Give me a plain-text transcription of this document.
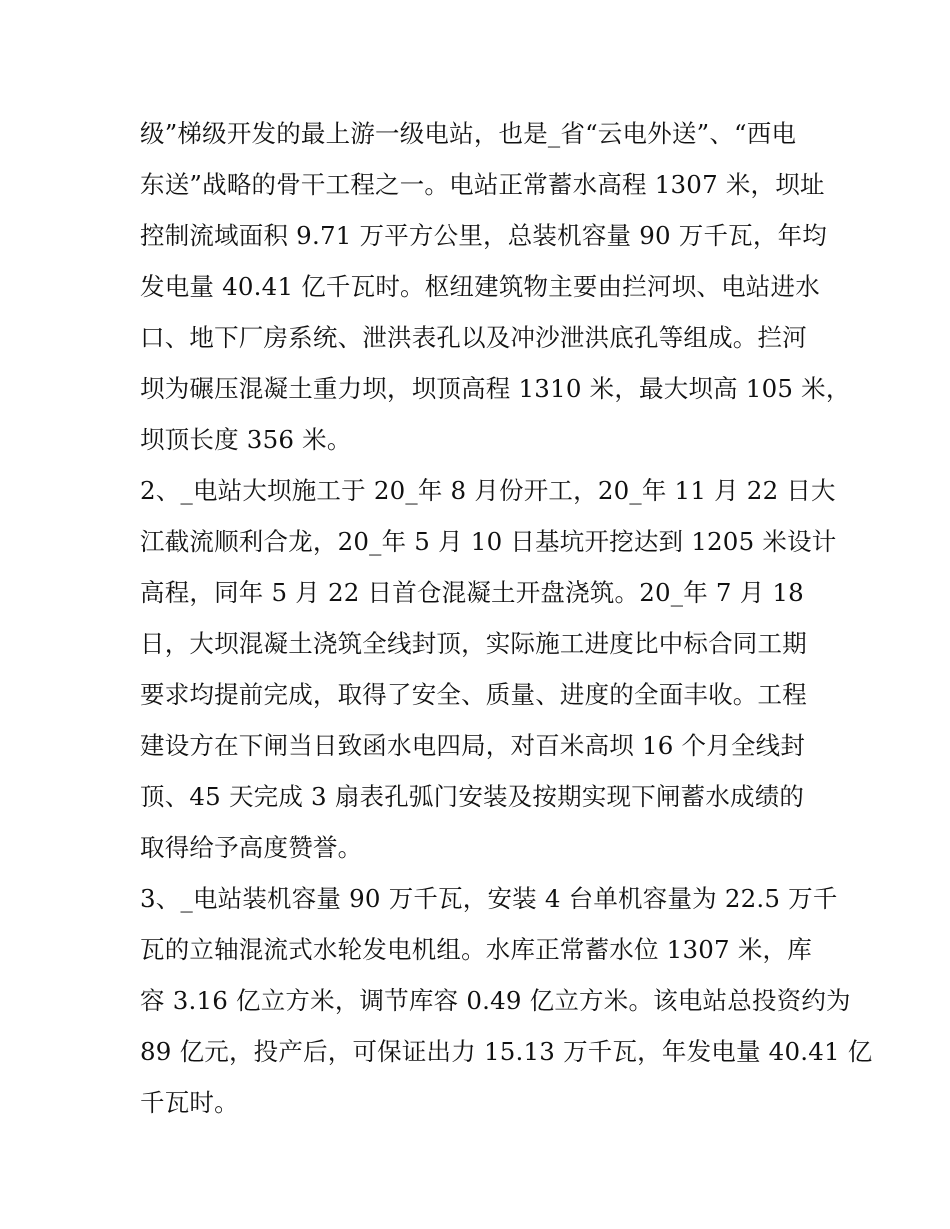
级”梯级开发的最上游一级电站，也是_省“云电外送”、“西电
东送”战略的骨干工程之一。电站正常蓄水高程 1307 米，坝址
控制流域面积 9.71 万平方公里，总装机容量 90 万千瓦，年均
发电量 40.41 亿千瓦时。枢纽建筑物主要由拦河坝、电站进水
口、地下厂房系统、泄洪表孔以及冲沙泄洪底孔等组成。拦河
坝为碾压混凝土重力坝，坝顶高程 1310 米，最大坝高 105 米，
坝顶长度 356 米。
2、_电站大坝施工于 20_年 8 月份开工，20_年 11 月 22 日大
江截流顺利合龙，20_年 5 月 10 日基坑开挖达到 1205 米设计
高程，同年 5 月 22 日首仓混凝土开盘浇筑。20_年 7 月 18
日，大坝混凝土浇筑全线封顶，实际施工进度比中标合同工期
要求均提前完成，取得了安全、质量、进度的全面丰收。工程
建设方在下闸当日致函水电四局，对百米高坝 16 个月全线封
顶、45 天完成 3 扇表孔弧门安装及按期实现下闸蓄水成绩的
取得给予高度赞誉。
3、_电站装机容量 90 万千瓦，安装 4 台单机容量为 22.5 万千
瓦的立轴混流式水轮发电机组。水库正常蓄水位 1307 米，库
容 3.16 亿立方米，调节库容 0.49 亿立方米。该电站总投资约为
89 亿元，投产后，可保证出力 15.13 万千瓦，年发电量 40.41 亿
千瓦时。
